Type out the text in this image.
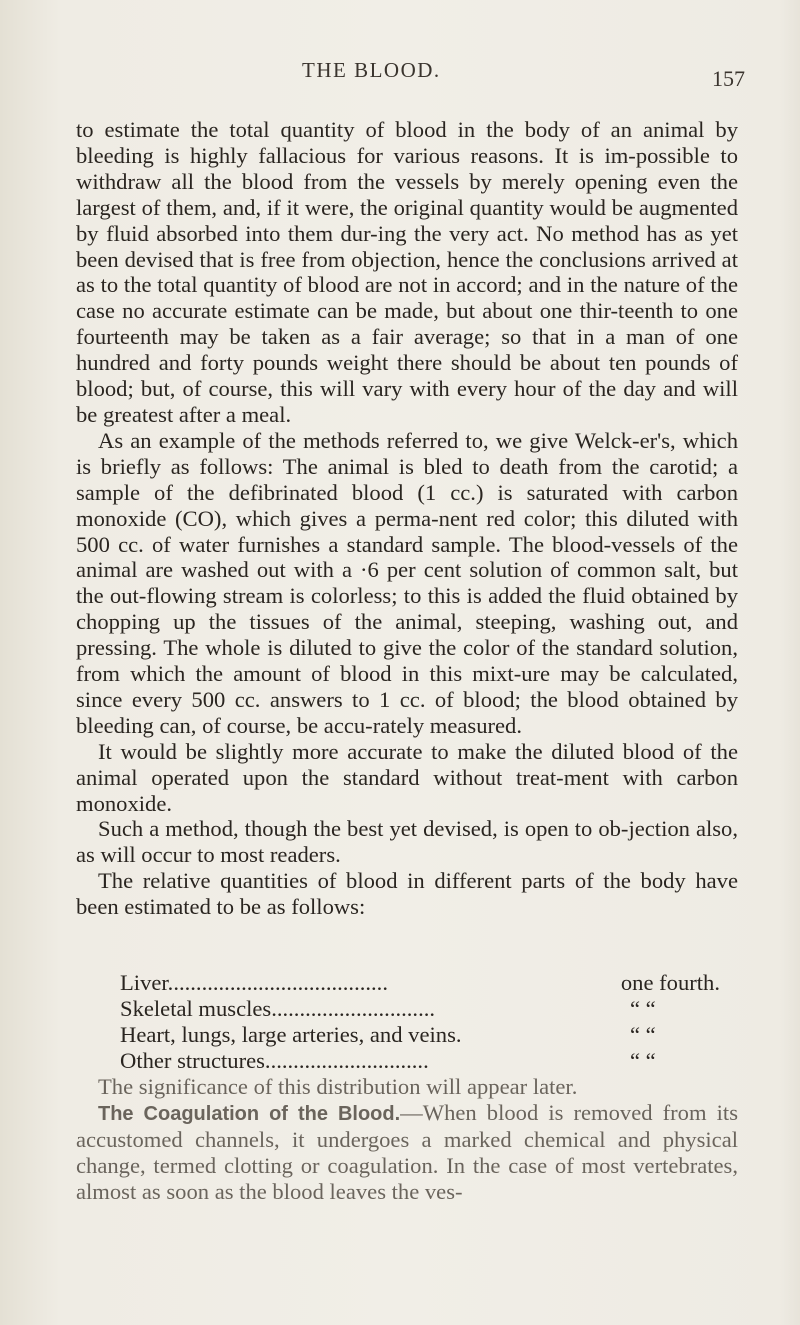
THE BLOOD.	157

to estimate the total quantity of blood in the body of an animal by bleeding is highly fallacious for various reasons. It is im-possible to withdraw all the blood from the vessels by merely opening even the largest of them, and, if it were, the original quantity would be augmented by fluid absorbed into them dur-ing the very act. No method has as yet been devised that is free from objection, hence the conclusions arrived at as to the total quantity of blood are not in accord; and in the nature of the case no accurate estimate can be made, but about one thir-teenth to one fourteenth may be taken as a fair average; so that in a man of one hundred and forty pounds weight there should be about ten pounds of blood; but, of course, this will vary with every hour of the day and will be greatest after a meal.

As an example of the methods referred to, we give Welck-er's, which is briefly as follows: The animal is bled to death from the carotid; a sample of the defibrinated blood (1 cc.) is saturated with carbon monoxide (CO), which gives a perma-nent red color; this diluted with 500 cc. of water furnishes a standard sample. The blood-vessels of the animal are washed out with a ·6 per cent solution of common salt, but the out-flowing stream is colorless; to this is added the fluid obtained by chopping up the tissues of the animal, steeping, washing out, and pressing. The whole is diluted to give the color of the standard solution, from which the amount of blood in this mixt-ure may be calculated, since every 500 cc. answers to 1 cc. of blood; the blood obtained by bleeding can, of course, be accu-rately measured.

It would be slightly more accurate to make the diluted blood of the animal operated upon the standard without treat-ment with carbon monoxide.

Such a method, though the best yet devised, is open to ob-jection also, as will occur to most readers.

The relative quantities of blood in different parts of the body have been estimated to be as follows:

Liver.......................................	one fourth.
Skeletal muscles.............................	“ “
Heart, lungs, large arteries, and veins.	“ “
Other structures.............................	“ “

The significance of this distribution will appear later.

The Coagulation of the Blood.—When blood is removed from its accustomed channels, it undergoes a marked chemical and physical change, termed clotting or coagulation. In the case of most vertebrates, almost as soon as the blood leaves the ves-
